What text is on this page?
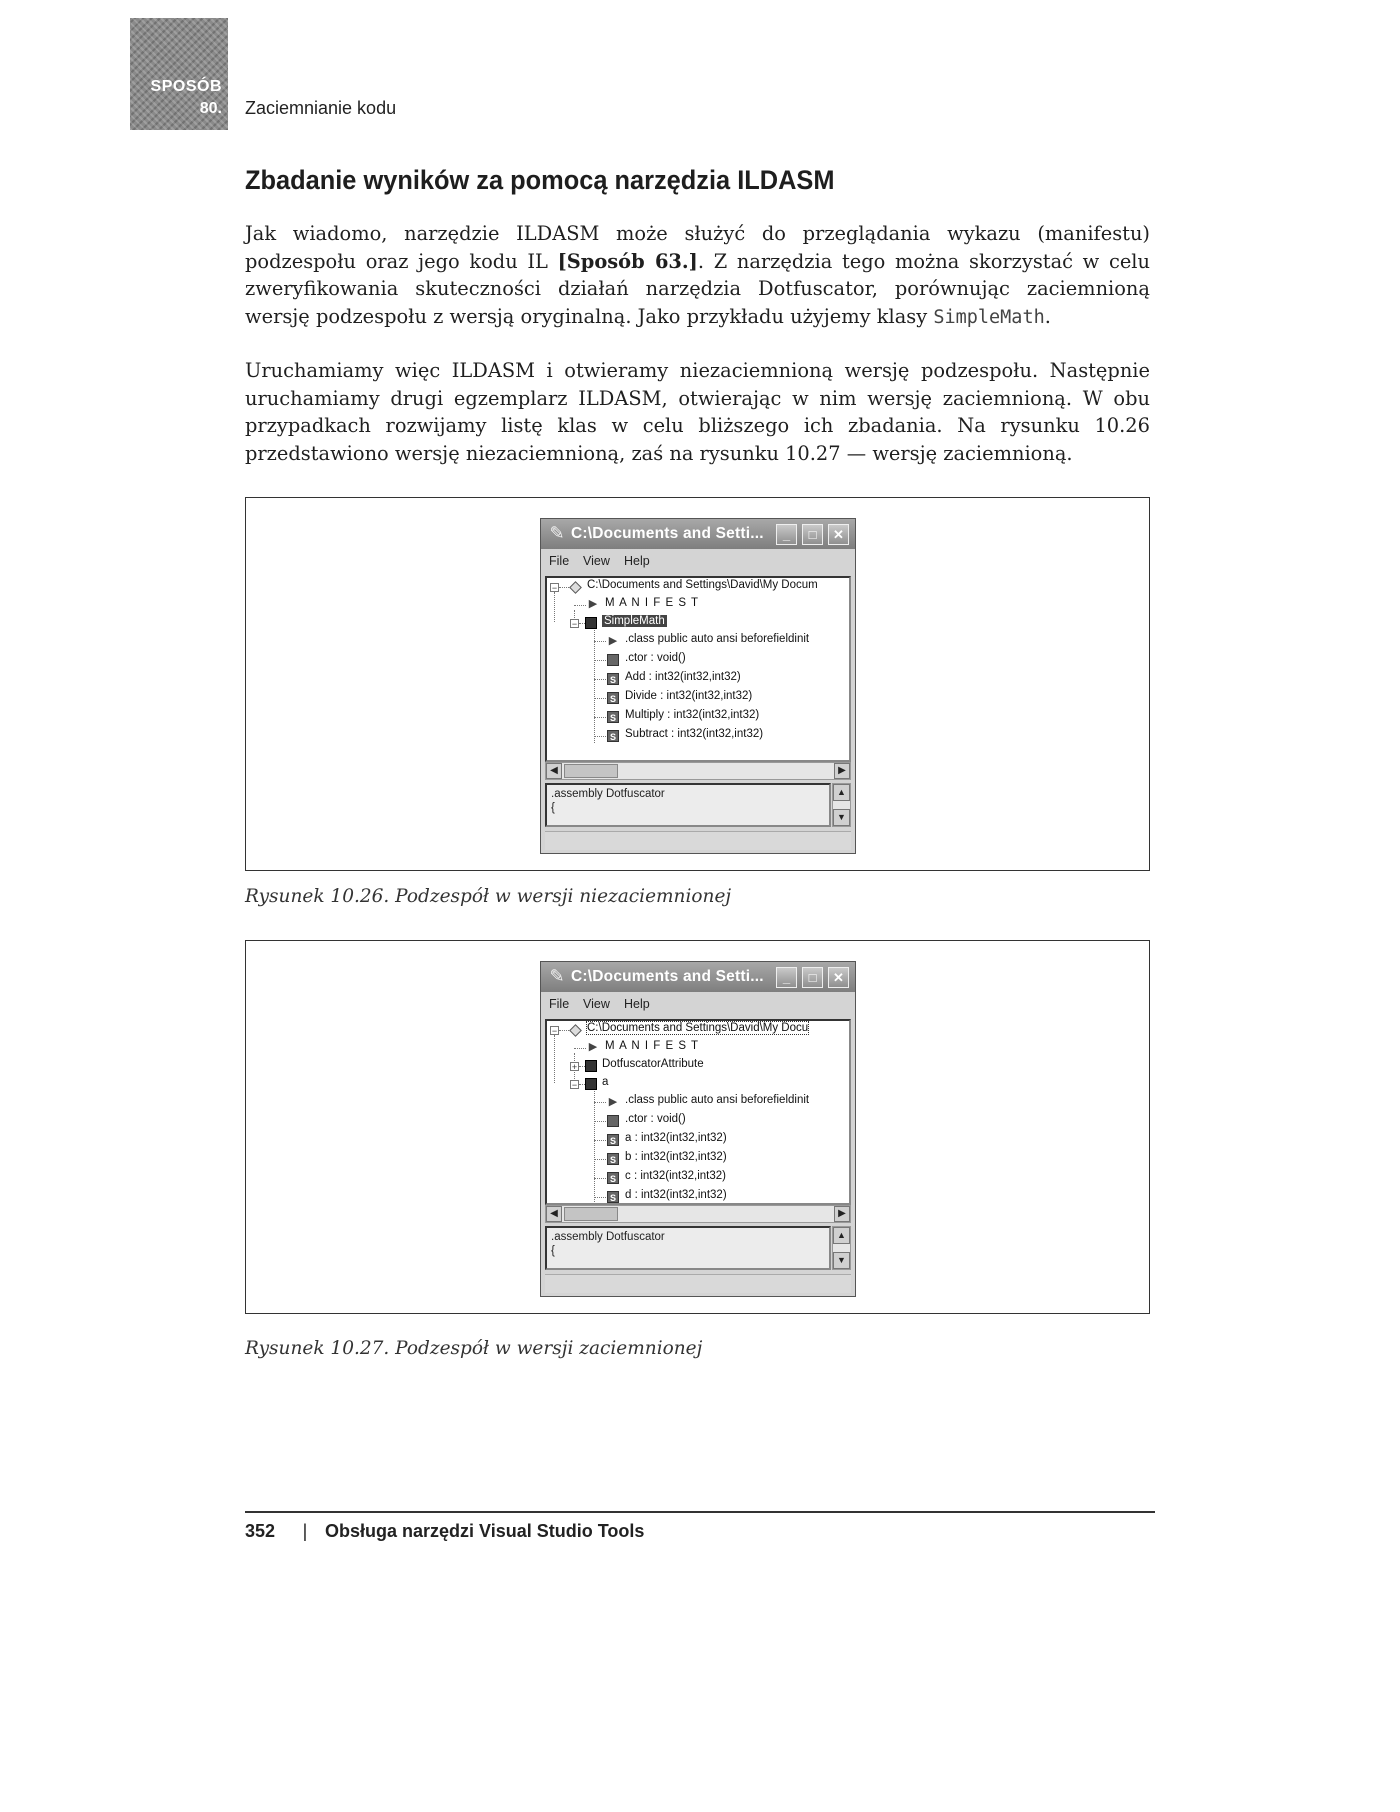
SPOSÓB
80. Zaciemnianie kodu
Zbadanie wyników za pomocą narzędzia ILDASM

Jak wiadomo, narzędzie ILDASM może służyć do przeglądania wykazu (manifestu) podzespołu oraz jego kodu IL [Sposób 63.]. Z narzędzia tego można skorzystać w celu zweryfikowania skuteczności działań narzędzia Dotfuscator, porównując zaciemnioną wersję podzespołu z wersją oryginalną. Jako przykładu użyjemy klasy SimpleMath.

Uruchamiamy więc ILDASM i otwieramy niezaciemnioną wersję podzespołu. Następnie uruchamiamy drugi egzemplarz ILDASM, otwierając w nim wersję zaciemnioną. W obu przypadkach rozwijamy listę klas w celu bliższego ich zbadania. Na rysunku 10.26 przedstawiono wersję niezaciemnioną, zaś na rysunku 10.27 — wersję zaciemnioną.

✎ C:\Documents and Setti...	_	□	✕
File View Help
−	C:\Documents and Settings\David\My Docum
▶ M A N I F E S T
− SimpleMath
▶ .class public auto ansi beforefieldinit
.ctor : void()
S Add : int32(int32,int32)
S Divide : int32(int32,int32)
S Multiply : int32(int32,int32)
S Subtract : int32(int32,int32)
◀	▶
.assembly Dotfuscator
{
▲
▼

Rysunek 10.26. Podzespół w wersji niezaciemnionej

✎ C:\Documents and Setti...	_	□	✕
File View Help
−	C:\Documents and Settings\David\My Docu
▶ M A N I F E S T
+ DotfuscatorAttribute
− a
▶ .class public auto ansi beforefieldinit
.ctor : void()
S a : int32(int32,int32)
S b : int32(int32,int32)
S c : int32(int32,int32)
S d : int32(int32,int32)
◀	▶
.assembly Dotfuscator
{
▲
▼

Rysunek 10.27. Podzespół w wersji zaciemnionej

352 | Obsługa narzędzi Visual Studio Tools
